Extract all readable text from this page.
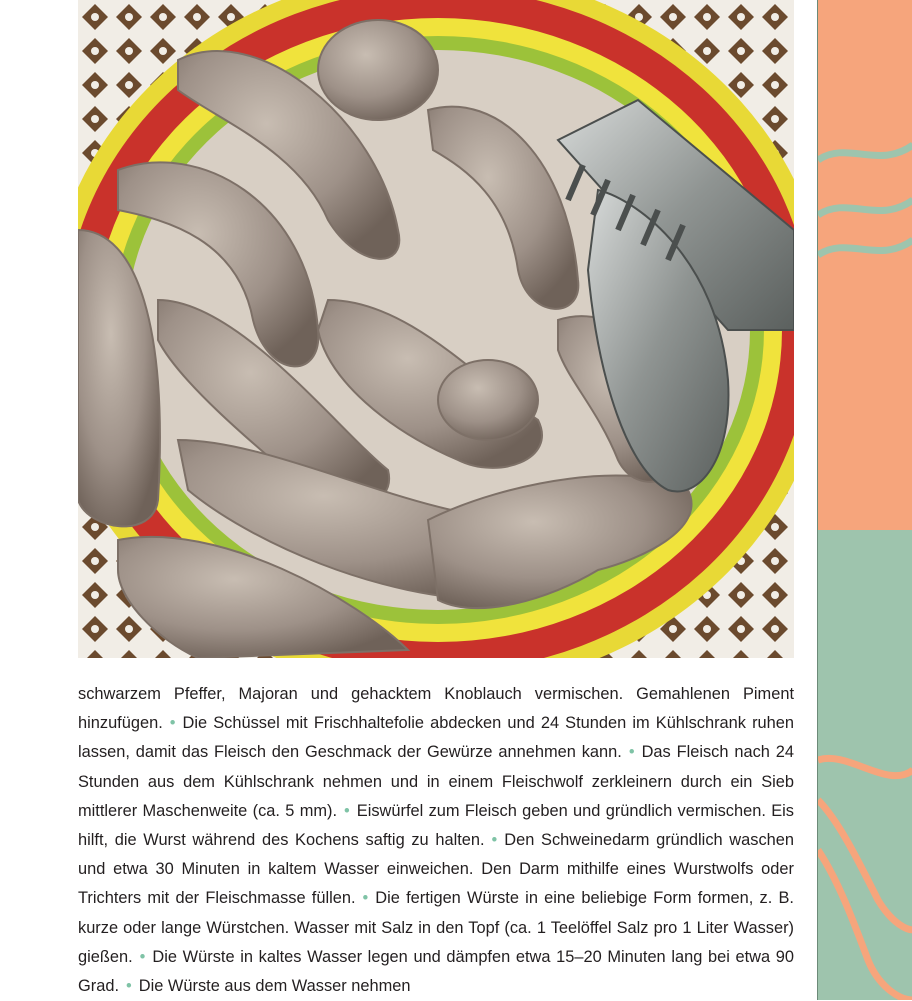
schwarzem Pfeffer, Majoran und gehacktem Knoblauch vermischen. Gemahlenen Piment hinzufügen. • Die Schüssel mit Frischhaltefolie abdecken und 24 Stunden im Kühlschrank ruhen lassen, damit das Fleisch den Geschmack der Gewürze annehmen kann. • Das Fleisch nach 24 Stunden aus dem Kühlschrank nehmen und in einem Fleischwolf zerkleinern durch ein Sieb mittlerer Maschenweite (ca. 5 mm). • Eiswürfel zum Fleisch geben und gründlich vermischen. Eis hilft, die Wurst während des Kochens saftig zu halten. • Den Schweinedarm gründlich waschen und etwa 30 Minuten in kaltem Wasser einweichen. Den Darm mithilfe eines Wurstwolfs oder Trichters mit der Fleischmasse füllen. • Die fertigen Würste in eine beliebige Form formen, z. B. kurze oder lange Würstchen. Wasser mit Salz in den Topf (ca. 1 Teelöffel Salz pro 1 Liter Wasser) gießen. • Die Würste in kaltes Wasser legen und dämpfen etwa 15–20 Minuten lang bei etwa 90 Grad. • Die Würste aus dem Wasser nehmen
